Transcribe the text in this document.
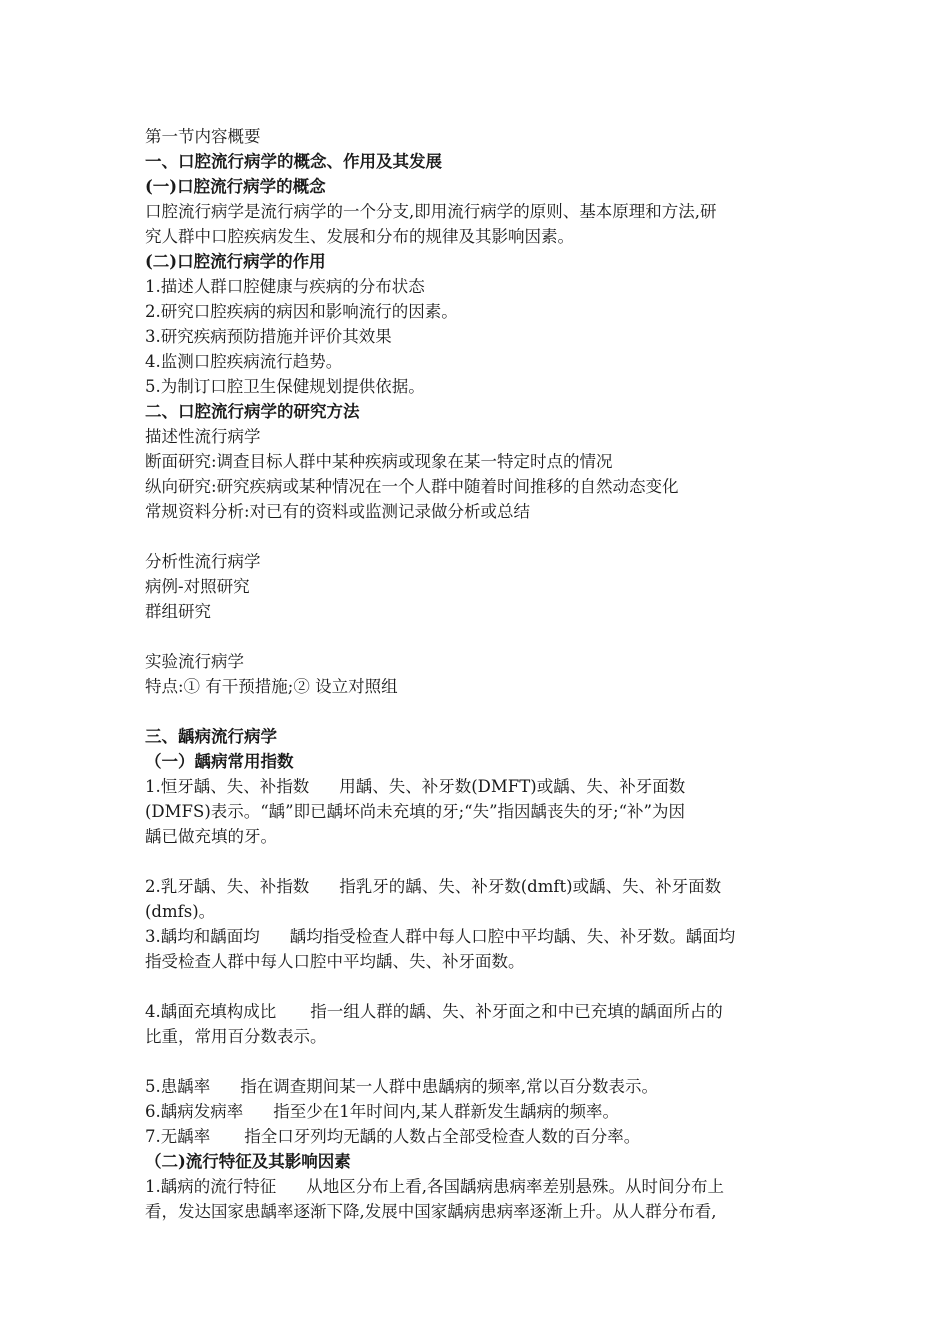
第一节内容概要
一、口腔流行病学的概念、作用及其发展
(一)口腔流行病学的概念
口腔流行病学是流行病学的一个分支,即用流行病学的原则、基本原理和方法,研
究人群中口腔疾病发生、发展和分布的规律及其影响因素。
(二)口腔流行病学的作用
1.描述人群口腔健康与疾病的分布状态
2.研究口腔疾病的病因和影响流行的因素。
3.研究疾病预防措施并评价其效果
4.监测口腔疾病流行趋势。
5.为制订口腔卫生保健规划提供依据。
二、口腔流行病学的研究方法
描述性流行病学
断面研究:调查目标人群中某种疾病或现象在某一特定时点的情况
纵向研究:研究疾病或某种情况在一个人群中随着时间推移的自然动态变化
常规资料分析:对已有的资料或监测记录做分析或总结
分析性流行病学
病例-对照研究
群组研究
实验流行病学
特点:① 有干预措施;② 设立对照组
三、龋病流行病学
（一）龋病常用指数
1.恒牙龋、失、补指数 用龋、失、补牙数(DMFT)或龋、失、补牙面数
(DMFS)表示。“龋”即已龋坏尚未充填的牙;“失”指因龋丧失的牙;“补”为因
龋已做充填的牙。
2.乳牙龋、失、补指数 指乳牙的龋、失、补牙数(dmft)或龋、失、补牙面数
(dmfs)。
3.龋均和龋面均 龋均指受检查人群中每人口腔中平均龋、失、补牙数。龋面均
指受检查人群中每人口腔中平均龋、失、补牙面数。
4.龋面充填构成比 指一组人群的龋、失、补牙面之和中已充填的龋面所占的
比重，常用百分数表示。
5.患龋率 指在调查期间某一人群中患龋病的频率,常以百分数表示。
6.龋病发病率 指至少在1年时间内,某人群新发生龋病的频率。
7.无龋率 指全口牙列均无龋的人数占全部受检查人数的百分率。
（二)流行特征及其影响因素
1.龋病的流行特征 从地区分布上看,各国龋病患病率差别悬殊。从时间分布上
看，发达国家患龋率逐渐下降,发展中国家龋病患病率逐渐上升。从人群分布看,
